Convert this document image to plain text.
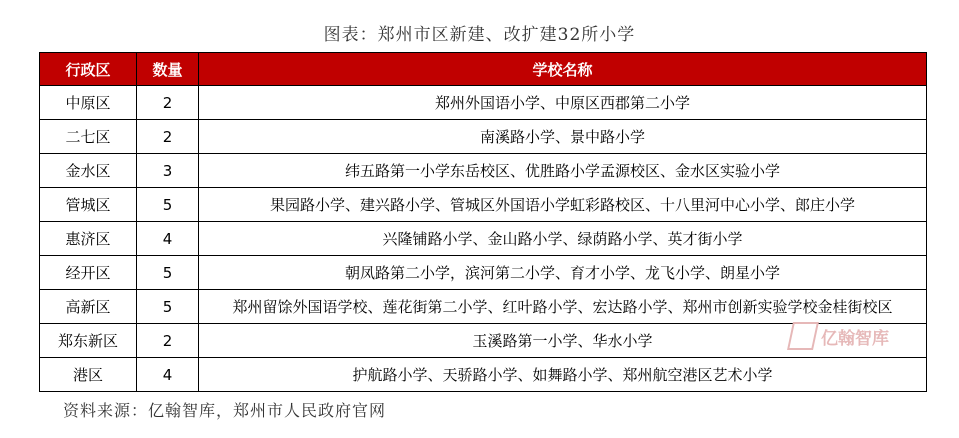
图表：郑州市区新建、改扩建32所小学
行政区	数量	学校名称
中原区	2	郑州外国语小学、中原区西郡第二小学
二七区	2	南溪路小学、景中路小学
金水区	3	纬五路第一小学东岳校区、优胜路小学孟源校区、金水区实验小学
管城区	5	果园路小学、建兴路小学、管城区外国语小学虹彩路校区、十八里河中心小学、郎庄小学
惠济区	4	兴隆铺路小学、金山路小学、绿荫路小学、英才街小学
经开区	5	朝凤路第二小学，滨河第二小学、育才小学、龙飞小学、朗星小学
高新区	5	郑州留馀外国语学校、莲花街第二小学、红叶路小学、宏达路小学、郑州市创新实验学校金桂街校区
郑东新区	2	玉溪路第一小学、华水小学
港区	4	护航路小学、天骄路小学、如舞路小学、郑州航空港区艺术小学
亿翰智库
资料来源：亿翰智库，郑州市人民政府官网
